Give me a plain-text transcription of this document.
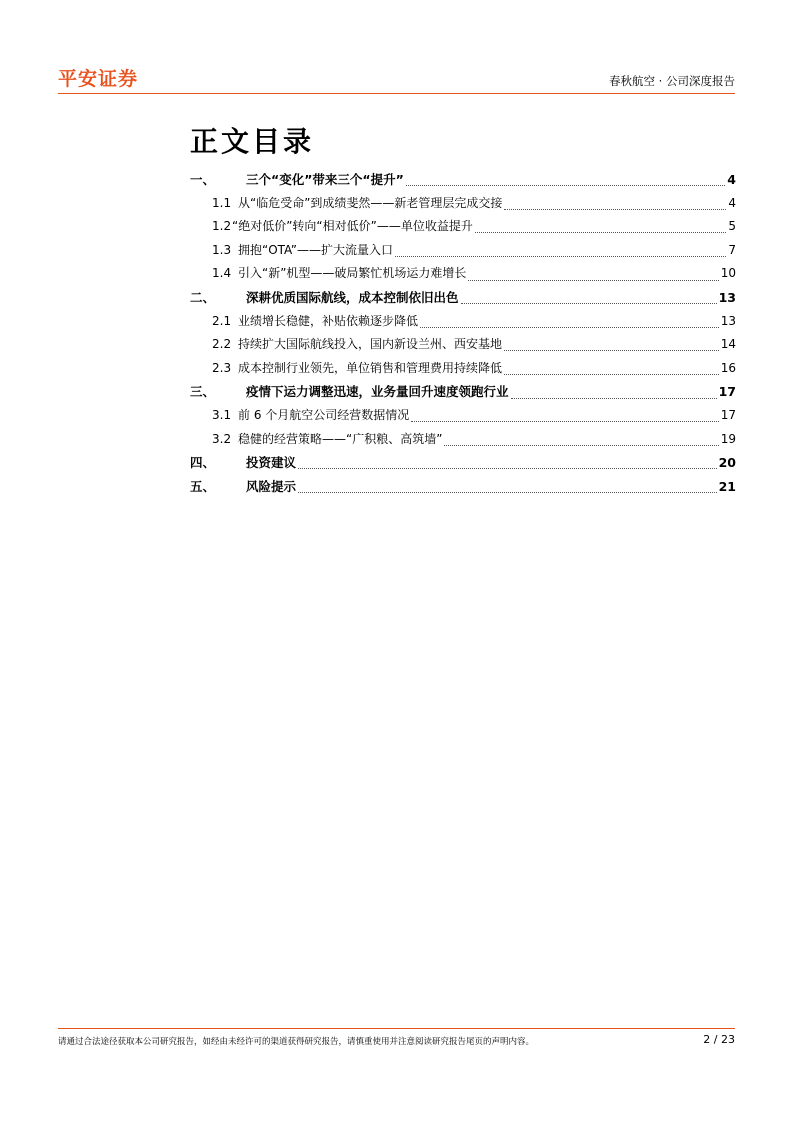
平安证券	春秋航空 · 公司深度报告
正文目录
一、	三个“变化”带来三个“提升”	4
1.1 从“临危受命”到成绩斐然——新老管理层完成交接	4
1.2 “绝对低价”转向“相对低价”——单位收益提升	5
1.3 拥抱“OTA”——扩大流量入口	7
1.4 引入“新”机型——破局繁忙机场运力难增长	10
二、	深耕优质国际航线，成本控制依旧出色	13
2.1 业绩增长稳健，补贴依赖逐步降低	13
2.2 持续扩大国际航线投入，国内新设兰州、西安基地	14
2.3 成本控制行业领先，单位销售和管理费用持续降低	16
三、	疫情下运力调整迅速，业务量回升速度领跑行业	17
3.1 前 6 个月航空公司经营数据情况	17
3.2 稳健的经营策略——“广积粮、高筑墙”	19
四、	投资建议	20
五、	风险提示	21
请通过合法途径获取本公司研究报告，如经由未经许可的渠道获得研究报告，请慎重使用并注意阅读研究报告尾页的声明内容。	2 / 23
